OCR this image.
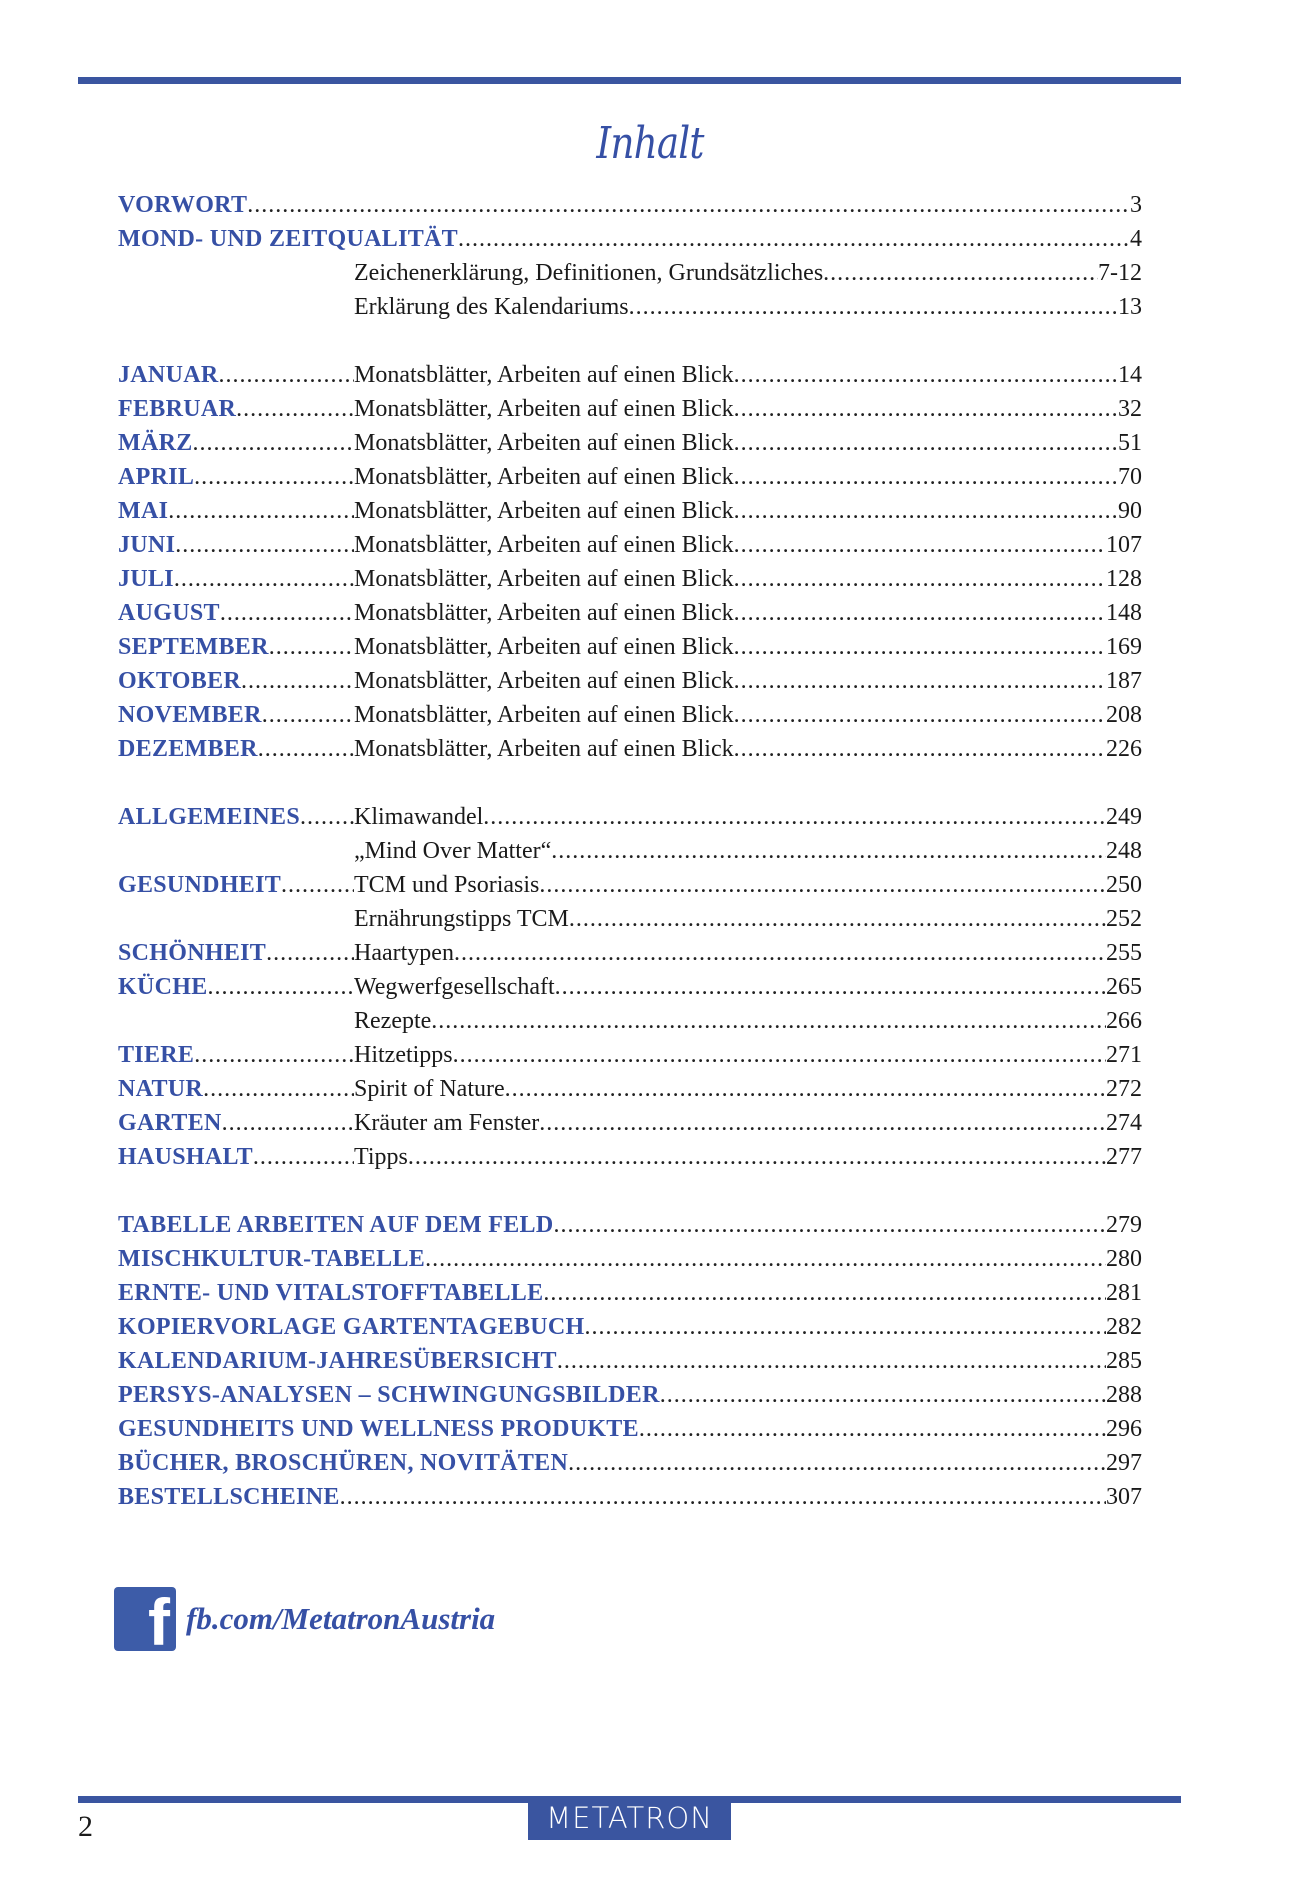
Inhalt
VORWORT .....	3
MOND- UND ZEITQUALITÄT .....	4
Zeichenerklärung, Definitionen, Grundsätzliches .....	7-12
Erklärung des Kalendariums .....	13
JANUAR .....	Monatsblätter, Arbeiten auf einen Blick .....	14
FEBRUAR .....	Monatsblätter, Arbeiten auf einen Blick .....	32
MÄRZ .....	Monatsblätter, Arbeiten auf einen Blick .....	51
APRIL .....	Monatsblätter, Arbeiten auf einen Blick .....	70
MAI .....	Monatsblätter, Arbeiten auf einen Blick .....	90
JUNI .....	Monatsblätter, Arbeiten auf einen Blick .....	107
JULI .....	Monatsblätter, Arbeiten auf einen Blick .....	128
AUGUST .....	Monatsblätter, Arbeiten auf einen Blick .....	148
SEPTEMBER .....	Monatsblätter, Arbeiten auf einen Blick .....	169
OKTOBER .....	Monatsblätter, Arbeiten auf einen Blick .....	187
NOVEMBER .....	Monatsblätter, Arbeiten auf einen Blick .....	208
DEZEMBER .....	Monatsblätter, Arbeiten auf einen Blick .....	226
ALLGEMEINES ..... Klimawandel .....	249
„Mind Over Matter“ .....	248
GESUNDHEIT .....	TCM und Psoriasis .....	250
Ernährungstipps TCM .....	252
SCHÖNHEIT .....	Haartypen .....	255
KÜCHE .....	Wegwerfgesellschaft .....	265
Rezepte .....	266
TIERE .....	Hitzetipps .....	271
NATUR .....	Spirit of Nature .....	272
GARTEN .....	Kräuter am Fenster .....	274
HAUSHALT .....	Tipps .....	277
TABELLE ARBEITEN AUF DEM FELD .....	279
MISCHKULTUR-TABELLE .....	280
ERNTE- UND VITALSTOFFTABELLE .....	281
KOPIERVORLAGE GARTENTAGEBUCH .....	282
KALENDARIUM-JAHRESÜBERSICHT .....	285
PERSYS-ANALYSEN – SCHWINGUNGSBILDER .....	288
GESUNDHEITS UND WELLNESS PRODUKTE .....	296
BÜCHER, BROSCHÜREN, NOVITÄTEN .....	297
BESTELLSCHEINE .....	307
f fb.com/MetatronAustria
METATRON
2
